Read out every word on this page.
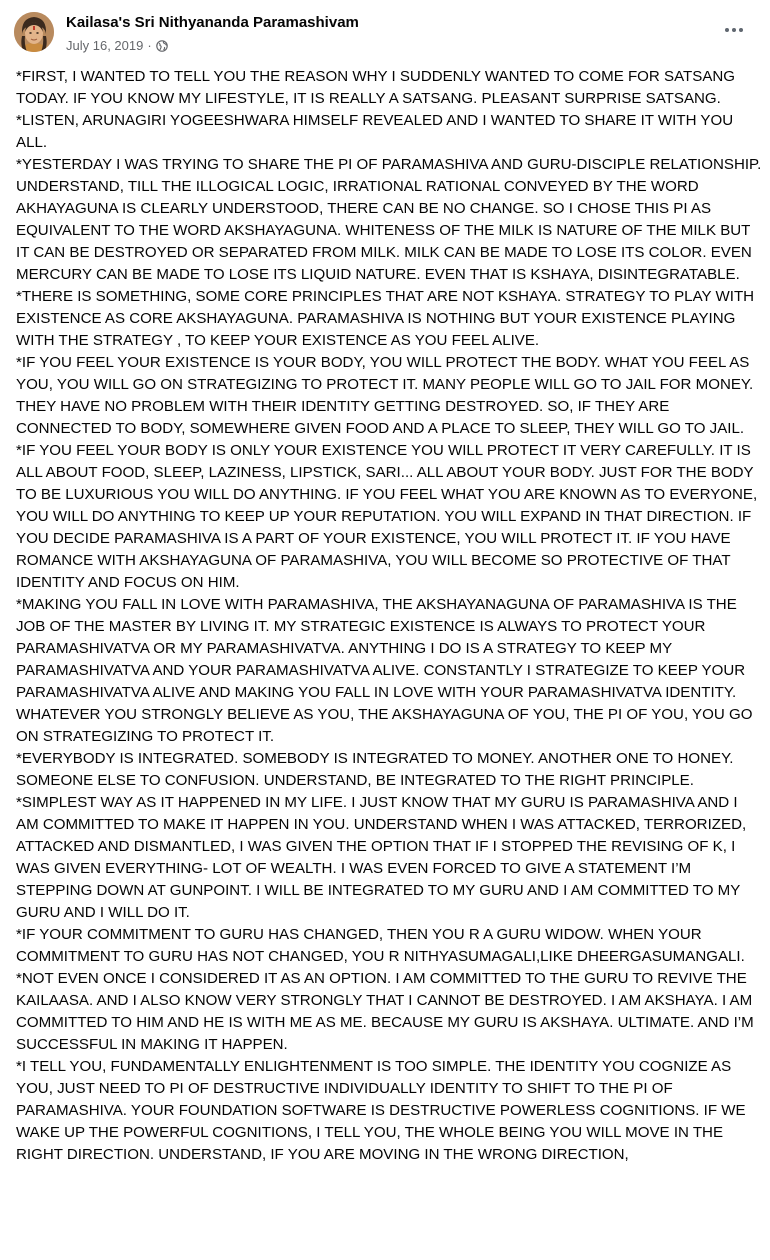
Kailasa's Sri Nithyananda Paramashivam
July 16, 2019 ·

*FIRST, I WANTED TO TELL YOU THE REASON WHY I SUDDENLY WANTED TO COME FOR SATSANG TODAY. IF YOU KNOW MY LIFESTYLE, IT IS REALLY A SATSANG. PLEASANT SURPRISE SATSANG.

*LISTEN, ARUNAGIRI YOGEESHWARA HIMSELF REVEALED AND I WANTED TO SHARE IT WITH YOU ALL.

*YESTERDAY I WAS TRYING TO SHARE THE PI OF PARAMASHIVA AND GURU-DISCIPLE RELATIONSHIP. UNDERSTAND, TILL THE ILLOGICAL LOGIC, IRRATIONAL RATIONAL CONVEYED BY THE WORD AKHAYAGUNA IS CLEARLY UNDERSTOOD, THERE CAN BE NO CHANGE. SO I CHOSE THIS PI AS EQUIVALENT TO THE WORD AKSHAYAGUNA. WHITENESS OF THE MILK IS NATURE OF THE MILK BUT IT CAN BE DESTROYED OR SEPARATED FROM MILK. MILK CAN BE MADE TO LOSE ITS COLOR. EVEN MERCURY CAN BE MADE TO LOSE ITS LIQUID NATURE. EVEN THAT IS KSHAYA, DISINTEGRATABLE.

*THERE IS SOMETHING, SOME CORE PRINCIPLES THAT ARE NOT KSHAYA. STRATEGY TO PLAY WITH EXISTENCE AS CORE AKSHAYAGUNA. PARAMASHIVA IS NOTHING BUT YOUR EXISTENCE PLAYING WITH THE STRATEGY , TO KEEP YOUR EXISTENCE AS YOU FEEL ALIVE.

*IF YOU FEEL YOUR EXISTENCE IS YOUR BODY, YOU WILL PROTECT THE BODY. WHAT YOU FEEL AS YOU, YOU WILL GO ON STRATEGIZING TO PROTECT IT. MANY PEOPLE WILL GO TO JAIL FOR MONEY. THEY HAVE NO PROBLEM WITH THEIR IDENTITY GETTING DESTROYED. SO, IF THEY ARE CONNECTED TO BODY, SOMEWHERE GIVEN FOOD AND A PLACE TO SLEEP, THEY WILL GO TO JAIL.

*IF YOU FEEL YOUR BODY IS ONLY YOUR EXISTENCE YOU WILL PROTECT IT VERY CAREFULLY. IT IS ALL ABOUT FOOD, SLEEP, LAZINESS, LIPSTICK, SARI... ALL ABOUT YOUR BODY. JUST FOR THE BODY TO BE LUXURIOUS YOU WILL DO ANYTHING. IF YOU FEEL WHAT YOU ARE KNOWN AS TO EVERYONE, YOU WILL DO ANYTHING TO KEEP UP YOUR REPUTATION. YOU WILL EXPAND IN THAT DIRECTION. IF YOU DECIDE PARAMASHIVA IS A PART OF YOUR EXISTENCE, YOU WILL PROTECT IT. IF YOU HAVE ROMANCE WITH AKSHAYAGUNA OF PARAMASHIVA, YOU WILL BECOME SO PROTECTIVE OF THAT IDENTITY AND FOCUS ON HIM.

*MAKING YOU FALL IN LOVE WITH PARAMASHIVA, THE AKSHAYANAGUNA OF PARAMASHIVA IS THE JOB OF THE MASTER BY LIVING IT. MY STRATEGIC EXISTENCE IS ALWAYS TO PROTECT YOUR PARAMASHIVATVA OR MY PARAMASHIVATVA. ANYTHING I DO IS A STRATEGY TO KEEP MY PARAMASHIVATVA AND YOUR PARAMASHIVATVA ALIVE. CONSTANTLY I STRATEGIZE TO KEEP YOUR PARAMASHIVATVA ALIVE AND MAKING YOU FALL IN LOVE WITH YOUR PARAMASHIVATVA IDENTITY. WHATEVER YOU STRONGLY BELIEVE AS YOU, THE AKSHAYAGUNA OF YOU, THE PI OF YOU, YOU GO ON STRATEGIZING TO PROTECT IT.

*EVERYBODY IS INTEGRATED. SOMEBODY IS INTEGRATED TO MONEY. ANOTHER ONE TO HONEY. SOMEONE ELSE TO CONFUSION. UNDERSTAND, BE INTEGRATED TO THE RIGHT PRINCIPLE.

*SIMPLEST WAY AS IT HAPPENED IN MY LIFE. I JUST KNOW THAT MY GURU IS PARAMASHIVA AND I AM COMMITTED TO MAKE IT HAPPEN IN YOU. UNDERSTAND WHEN I WAS ATTACKED, TERRORIZED, ATTACKED AND DISMANTLED, I WAS GIVEN THE OPTION THAT IF I STOPPED THE REVISING OF K, I WAS GIVEN EVERYTHING- LOT OF WEALTH. I WAS EVEN FORCED TO GIVE A STATEMENT I’M STEPPING DOWN AT GUNPOINT. I WILL BE INTEGRATED TO MY GURU AND I AM COMMITTED TO MY GURU AND I WILL DO IT.

*IF YOUR COMMITMENT TO GURU HAS CHANGED, THEN YOU R A GURU WIDOW. WHEN YOUR COMMITMENT TO GURU HAS NOT CHANGED, YOU R NITHYASUMAGALI,LIKE DHEERGASUMANGALI.

*NOT EVEN ONCE I CONSIDERED IT AS AN OPTION. I AM COMMITTED TO THE GURU TO REVIVE THE KAILAASA. AND I ALSO KNOW VERY STRONGLY THAT I CANNOT BE DESTROYED. I AM AKSHAYA. I AM COMMITTED TO HIM AND HE IS WITH ME AS ME. BECAUSE MY GURU IS AKSHAYA. ULTIMATE. AND I’M SUCCESSFUL IN MAKING IT HAPPEN.

*I TELL YOU, FUNDAMENTALLY ENLIGHTENMENT IS TOO SIMPLE. THE IDENTITY YOU COGNIZE AS YOU, JUST NEED TO PI OF DESTRUCTIVE INDIVIDUALLY IDENTITY TO SHIFT TO THE PI OF PARAMASHIVA. YOUR FOUNDATION SOFTWARE IS DESTRUCTIVE POWERLESS COGNITIONS. IF WE WAKE UP THE POWERFUL COGNITIONS, I TELL YOU, THE WHOLE BEING YOU WILL MOVE IN THE RIGHT DIRECTION. UNDERSTAND, IF YOU ARE MOVING IN THE WRONG DIRECTION,
